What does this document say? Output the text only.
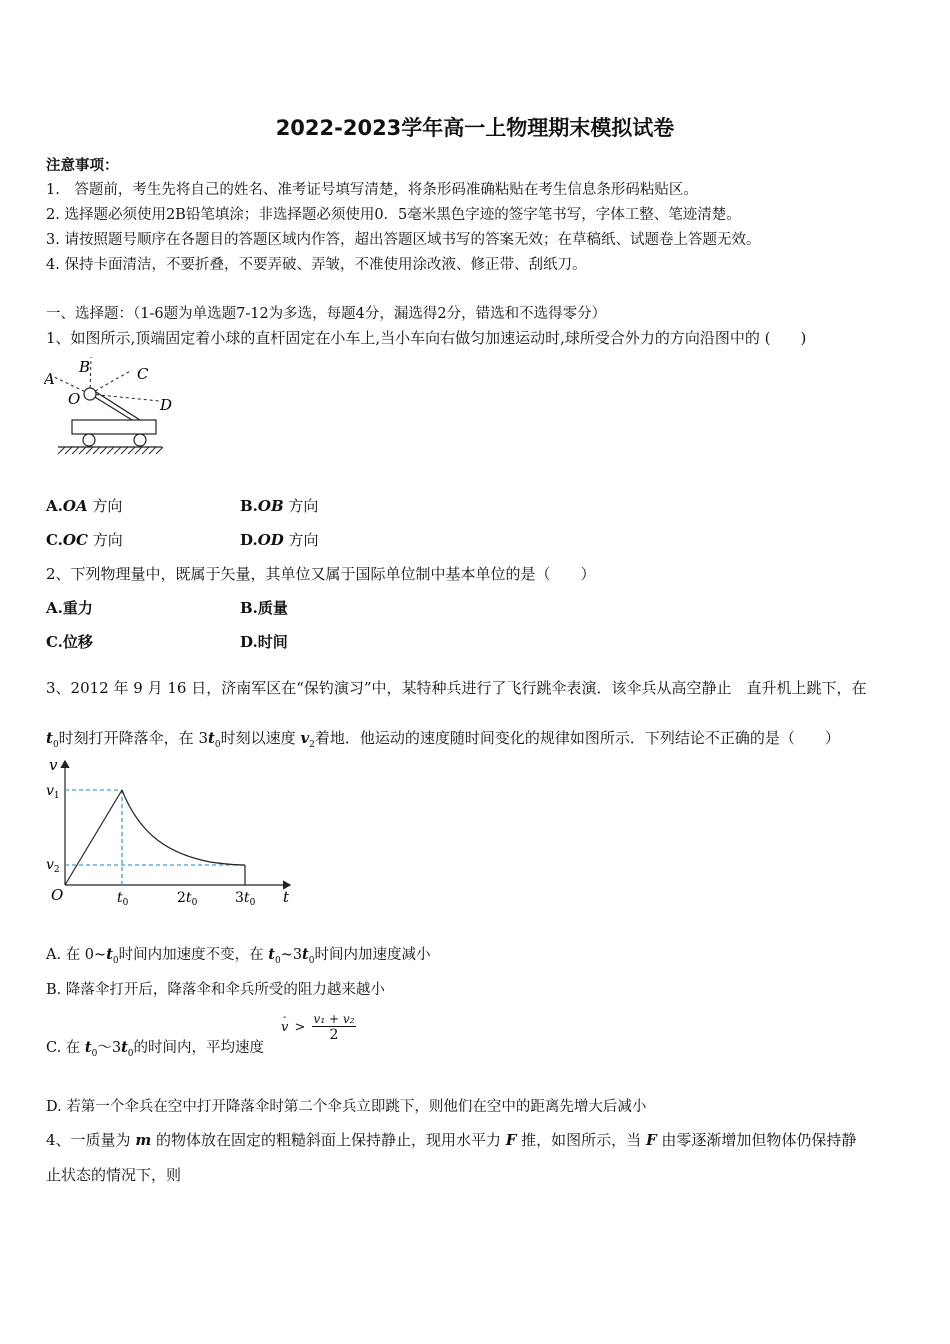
2022-2023学年高一上物理期末模拟试卷
注意事项：
1.　答题前，考生先将自己的姓名、准考证号填写清楚，将条形码准确粘贴在考生信息条形码粘贴区。
2. 选择题必须使用2B铅笔填涂；非选择题必须使用0．5毫米黑色字迹的签字笔书写，字体工整、笔迹清楚。
3. 请按照题号顺序在各题目的答题区域内作答，超出答题区域书写的答案无效；在草稿纸、试题卷上答题无效。
4. 保持卡面清洁，不要折叠，不要弄破、弄皱，不准使用涂改液、修正带、刮纸刀。
一、选择题：（1-6题为单选题7-12为多选，每题4分，漏选得2分，错选和不选得零分）
1、如图所示,顶端固定着小球的直杆固定在小车上,当小车向右做匀加速运动时,球所受合外力的方向沿图中的 (　　)
A
B	C
O	D
A.OA 方向	B.OB 方向
C.OC 方向	D.OD 方向
2、下列物理量中，既属于矢量，其单位又属于国际单位制中基本单位的是（　　）
A.重力	B.质量
C.位移	D.时间
3、2012 年 9 月 16 日，济南军区在“保钓演习”中，某特种兵进行了飞行跳伞表演．该伞兵从高空静止　直升机上跳下，在
$t_0$时刻打开降落伞，在 $3t_0$时刻以速度 $v_2$着地．他运动的速度随时间变化的规律如图所示．下列结论不正确的是（　　）
v
t
O
$v_1$
$v_2$
$t_0$	$2t_0$	$3t_0$
A. 在 $0\sim t_0$时间内加速度不变，在 $t_0\sim 3t_0$时间内加速度减小
B. 降落伞打开后，降落伞和伞兵所受的阻力越来越小
C. 在 $t_0\sim 3t_0$的时间内，平均速度
-
$v > \frac{\text{v₁ + v₂}}{2}$
D. 若第一个伞兵在空中打开降落伞时第二个伞兵立即跳下，则他们在空中的距离先增大后减小
4、一质量为 m 的物体放在固定的粗糙斜面上保持静止，现用水平力 F 推，如图所示，当 F 由零逐渐增加但物体仍保持静
止状态的情况下，则
